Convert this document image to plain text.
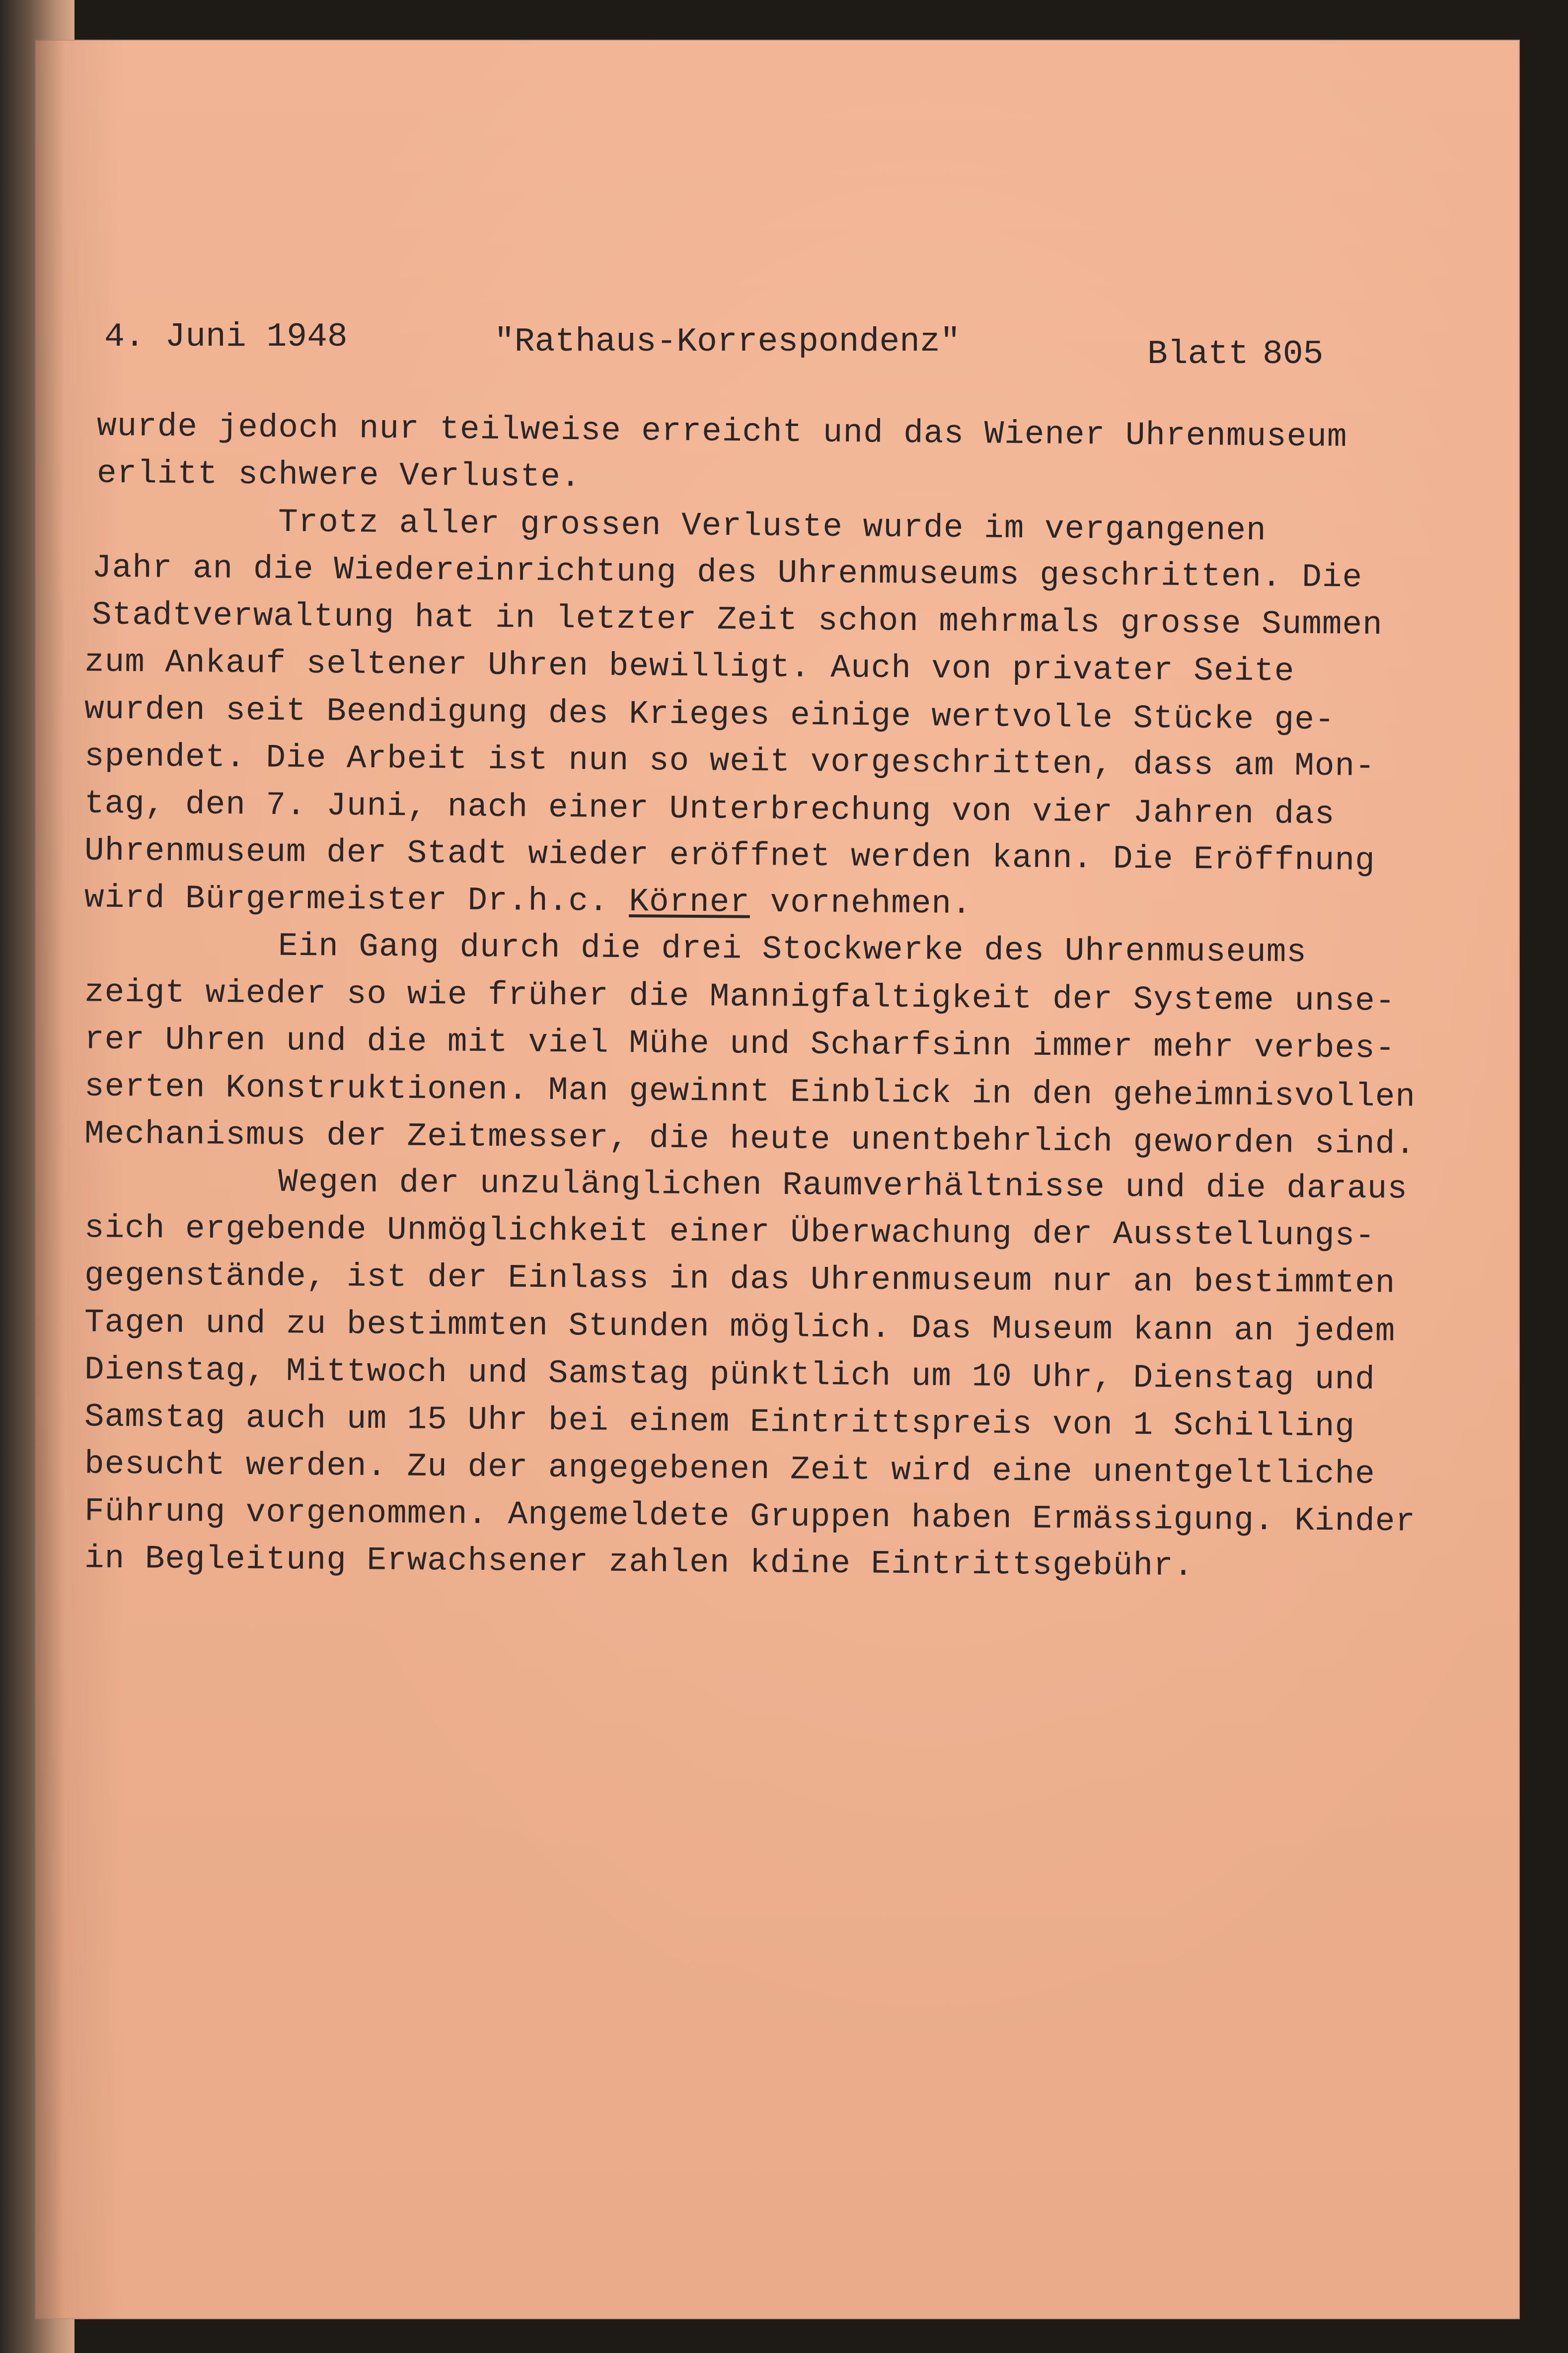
4. Juni 1948	"Rathaus-Korrespondenz"	Blatt 805
wurde jedoch nur teilweise erreicht und das Wiener Uhrenmuseum
erlitt schwere Verluste.
Trotz aller grossen Verluste wurde im vergangenen
Jahr an die Wiedereinrichtung des Uhrenmuseums geschritten. Die
Stadtverwaltung hat in letzter Zeit schon mehrmals grosse Summen
zum Ankauf seltener Uhren bewilligt. Auch von privater Seite
wurden seit Beendigung des Krieges einige wertvolle Stücke ge-
spendet. Die Arbeit ist nun so weit vorgeschritten, dass am Mon-
tag, den 7. Juni, nach einer Unterbrechung von vier Jahren das
Uhrenmuseum der Stadt wieder eröffnet werden kann. Die Eröffnung
wird Bürgermeister Dr.h.c. Körner vornehmen.
Ein Gang durch die drei Stockwerke des Uhrenmuseums
zeigt wieder so wie früher die Mannigfaltigkeit der Systeme unse-
rer Uhren und die mit viel Mühe und Scharfsinn immer mehr verbes-
serten Konstruktionen. Man gewinnt Einblick in den geheimnisvollen
Mechanismus der Zeitmesser, die heute unentbehrlich geworden sind.
Wegen der unzulänglichen Raumverhältnisse und die daraus
sich ergebende Unmöglichkeit einer Überwachung der Ausstellungs-
gegenstände, ist der Einlass in das Uhrenmuseum nur an bestimmten
Tagen und zu bestimmten Stunden möglich. Das Museum kann an jedem
Dienstag, Mittwoch und Samstag pünktlich um 10 Uhr, Dienstag und
Samstag auch um 15 Uhr bei einem Eintrittspreis von 1 Schilling
besucht werden. Zu der angegebenen Zeit wird eine unentgeltliche
Führung vorgenommen. Angemeldete Gruppen haben Ermässigung. Kinder
in Begleitung Erwachsener zahlen kdine Eintrittsgebühr.
